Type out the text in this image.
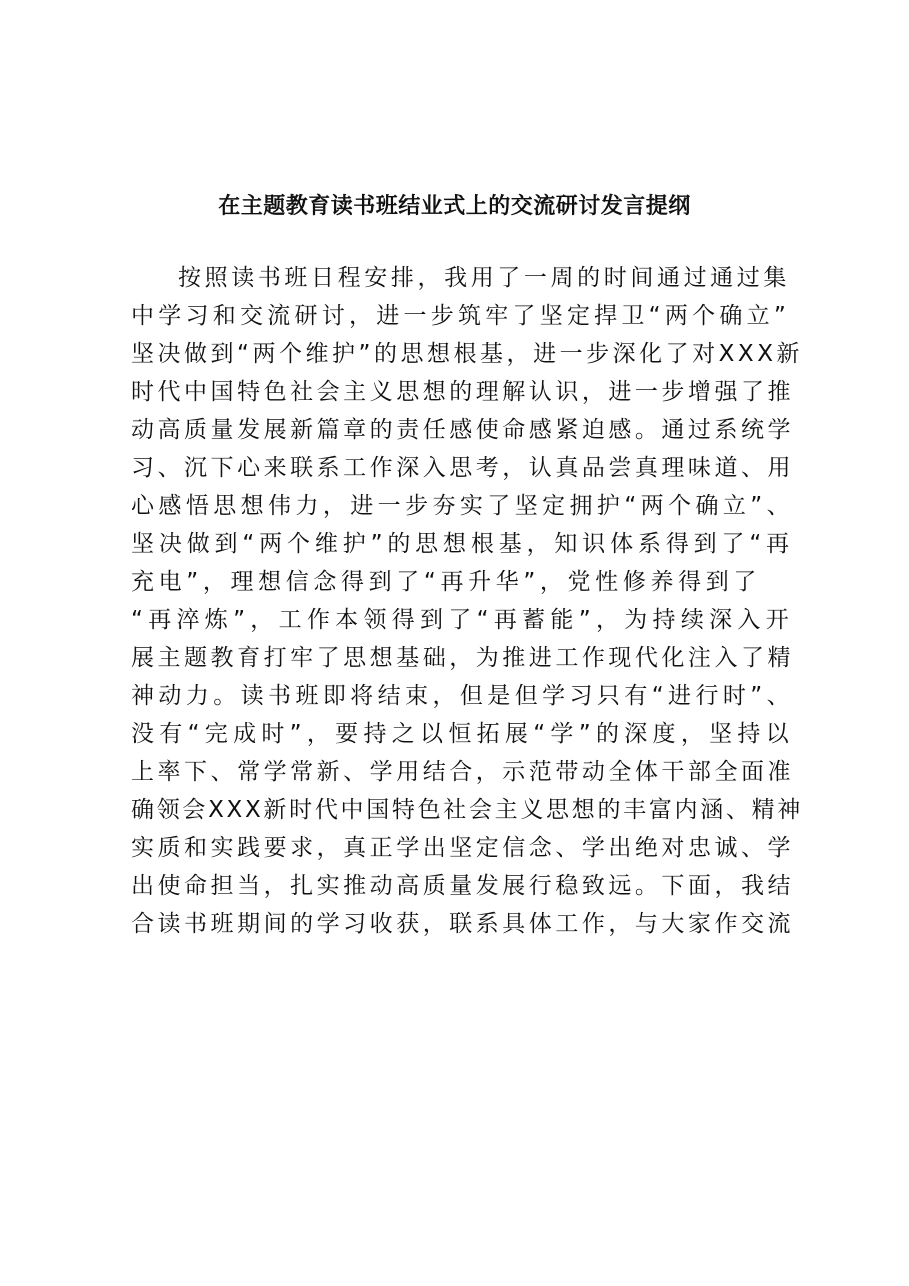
在主题教育读书班结业式上的交流研讨发言提纲
按照读书班日程安排，我用了一周的时间通过通过集
中学习和交流研讨，进一步筑牢了坚定捍卫“两个确立”
坚决做到“两个维护”的思想根基，进一步深化了对XXX新
时代中国特色社会主义思想的理解认识，进一步增强了推
动高质量发展新篇章的责任感使命感紧迫感。通过系统学
习、沉下心来联系工作深入思考，认真品尝真理味道、用
心感悟思想伟力，进一步夯实了坚定拥护“两个确立”、
坚决做到“两个维护”的思想根基，知识体系得到了“再
充电”，理想信念得到了“再升华”，党性修养得到了
“再淬炼”，工作本领得到了“再蓄能”，为持续深入开
展主题教育打牢了思想基础，为推进工作现代化注入了精
神动力。读书班即将结束，但是但学习只有“进行时”、
没有“完成时”，要持之以恒拓展“学”的深度，坚持以
上率下、常学常新、学用结合，示范带动全体干部全面准
确领会XXX新时代中国特色社会主义思想的丰富内涵、精神
实质和实践要求，真正学出坚定信念、学出绝对忠诚、学
出使命担当，扎实推动高质量发展行稳致远。下面，我结
合读书班期间的学习收获，联系具体工作，与大家作交流
